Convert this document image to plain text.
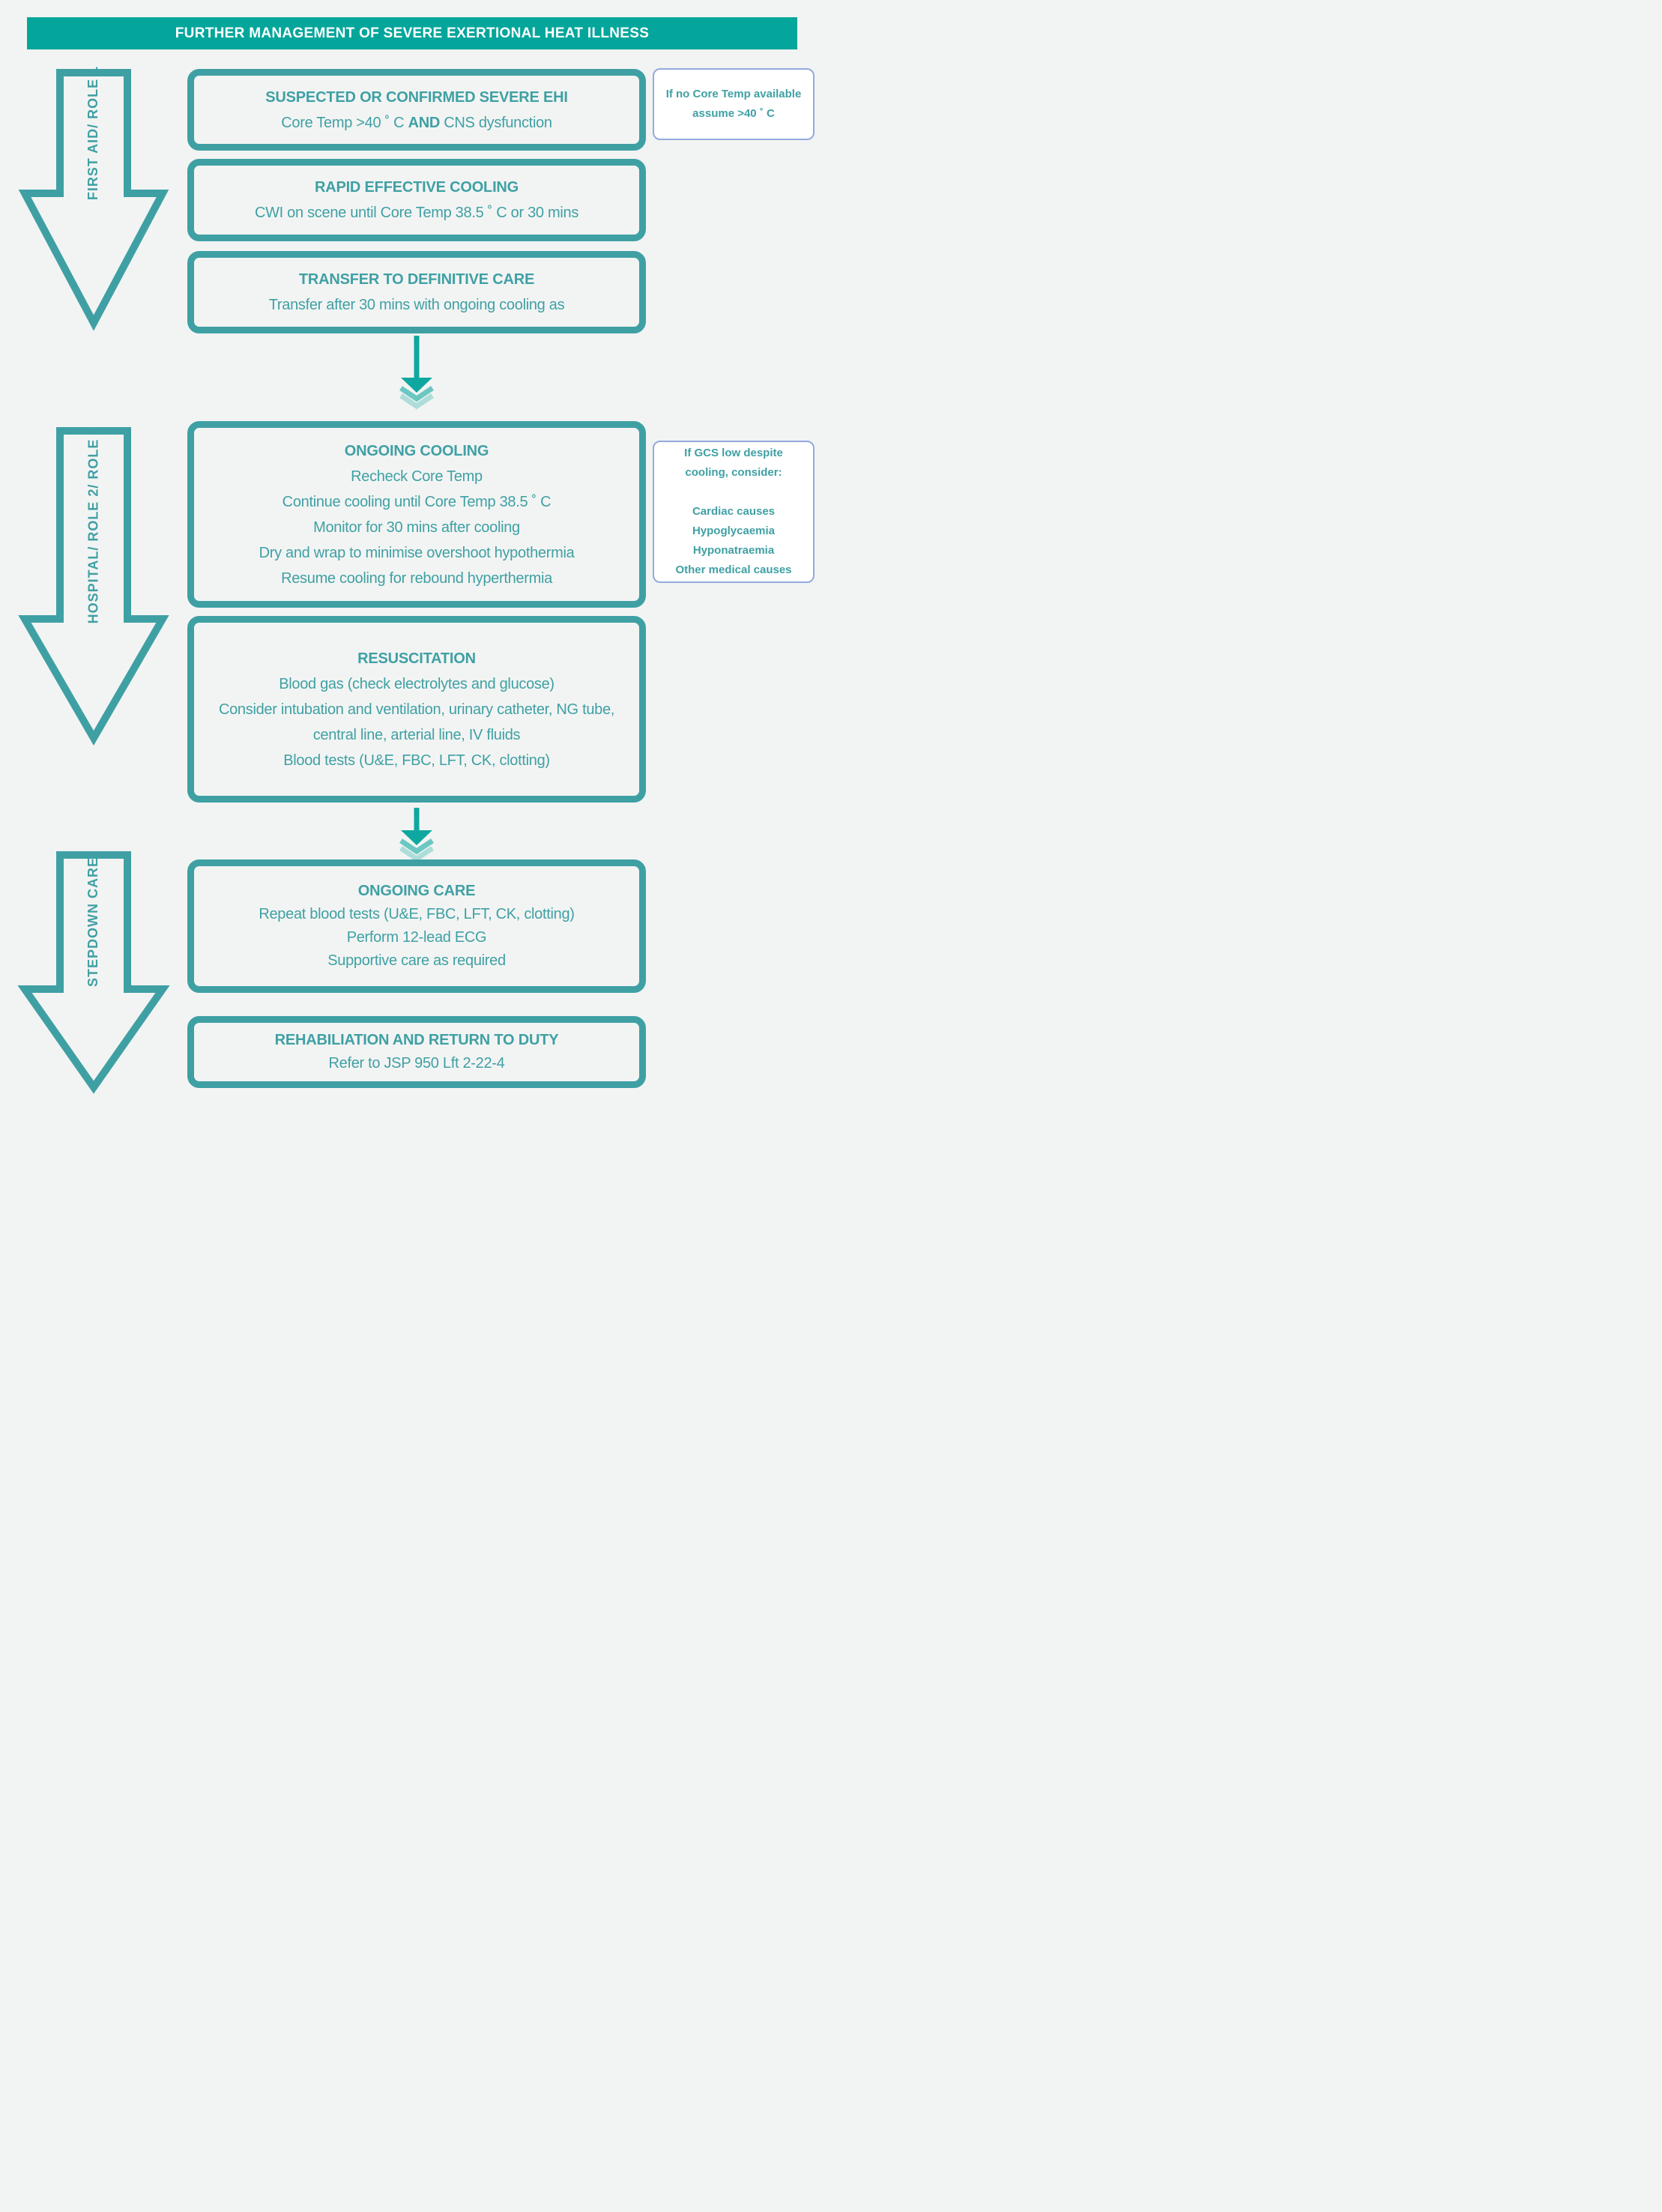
FURTHER MANAGEMENT OF SEVERE EXERTIONAL HEAT ILLNESS
FIRST AID/ ROLE 1
HOSPITAL/ ROLE 2/ ROLE 3
STEPDOWN CARE
SUSPECTED OR CONFIRMED SEVERE EHI
Core Temp >40 ˚ C AND CNS dysfunction
If no Core Temp available assume >40 ˚ C
RAPID EFFECTIVE COOLING
CWI on scene until Core Temp 38.5 ˚ C or 30 mins
TRANSFER TO DEFINITIVE CARE
Transfer after 30 mins with ongoing cooling as
ONGOING COOLING
Recheck Core Temp
Continue cooling until Core Temp 38.5 ˚ C
Monitor for 30 mins after cooling
Dry and wrap to minimise overshoot hypothermia
Resume cooling for rebound hyperthermia
If GCS low despite cooling, consider:
Cardiac causes
Hypoglycaemia
Hyponatraemia
Other medical causes
RESUSCITATION
Blood gas (check electrolytes and glucose)
Consider intubation and ventilation, urinary catheter, NG tube, central line, arterial line, IV fluids
Blood tests (U&E, FBC, LFT, CK, clotting)
ONGOING CARE
Repeat blood tests (U&E, FBC, LFT, CK, clotting)
Perform 12-lead ECG
Supportive care as required
REHABILIATION AND RETURN TO DUTY
Refer to JSP 950 Lft 2-22-4
